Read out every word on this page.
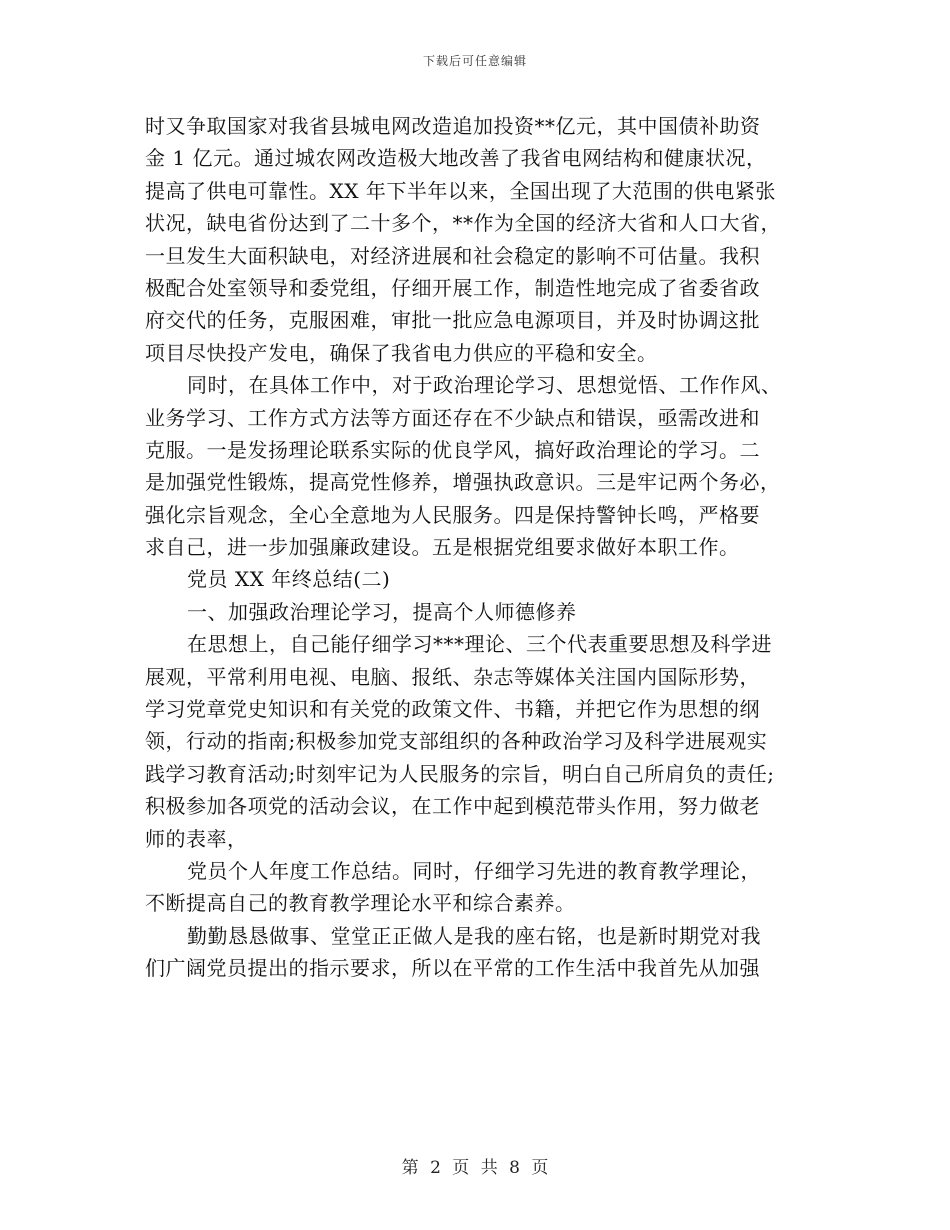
下载后可任意编辑
时又争取国家对我省县城电网改造追加投资**亿元，其中国债补助资
金 1 亿元。通过城农网改造极大地改善了我省电网结构和健康状况，
提高了供电可靠性。XX 年下半年以来，全国出现了大范围的供电紧张
状况，缺电省份达到了二十多个，**作为全国的经济大省和人口大省，
一旦发生大面积缺电，对经济进展和社会稳定的影响不可估量。我积
极配合处室领导和委党组，仔细开展工作，制造性地完成了省委省政
府交代的任务，克服困难，审批一批应急电源项目，并及时协调这批
项目尽快投产发电，确保了我省电力供应的平稳和安全。
同时，在具体工作中，对于政治理论学习、思想觉悟、工作作风、
业务学习、工作方式方法等方面还存在不少缺点和错误，亟需改进和
克服。一是发扬理论联系实际的优良学风，搞好政治理论的学习。二
是加强党性锻炼，提高党性修养，增强执政意识。三是牢记两个务必，
强化宗旨观念，全心全意地为人民服务。四是保持警钟长鸣，严格要
求自己，进一步加强廉政建设。五是根据党组要求做好本职工作。
党员 XX 年终总结(二)
一、加强政治理论学习，提高个人师德修养
在思想上，自己能仔细学习***理论、三个代表重要思想及科学进
展观，平常利用电视、电脑、报纸、杂志等媒体关注国内国际形势，
学习党章党史知识和有关党的政策文件、书籍，并把它作为思想的纲
领，行动的指南;积极参加党支部组织的各种政治学习及科学进展观实
践学习教育活动;时刻牢记为人民服务的宗旨，明白自己所肩负的责任;
积极参加各项党的活动会议，在工作中起到模范带头作用，努力做老
师的表率，
党员个人年度工作总结。同时，仔细学习先进的教育教学理论，
不断提高自己的教育教学理论水平和综合素养。
勤勤恳恳做事、堂堂正正做人是我的座右铭，也是新时期党对我
们广阔党员提出的指示要求，所以在平常的工作生活中我首先从加强
第 2 页 共 8 页
